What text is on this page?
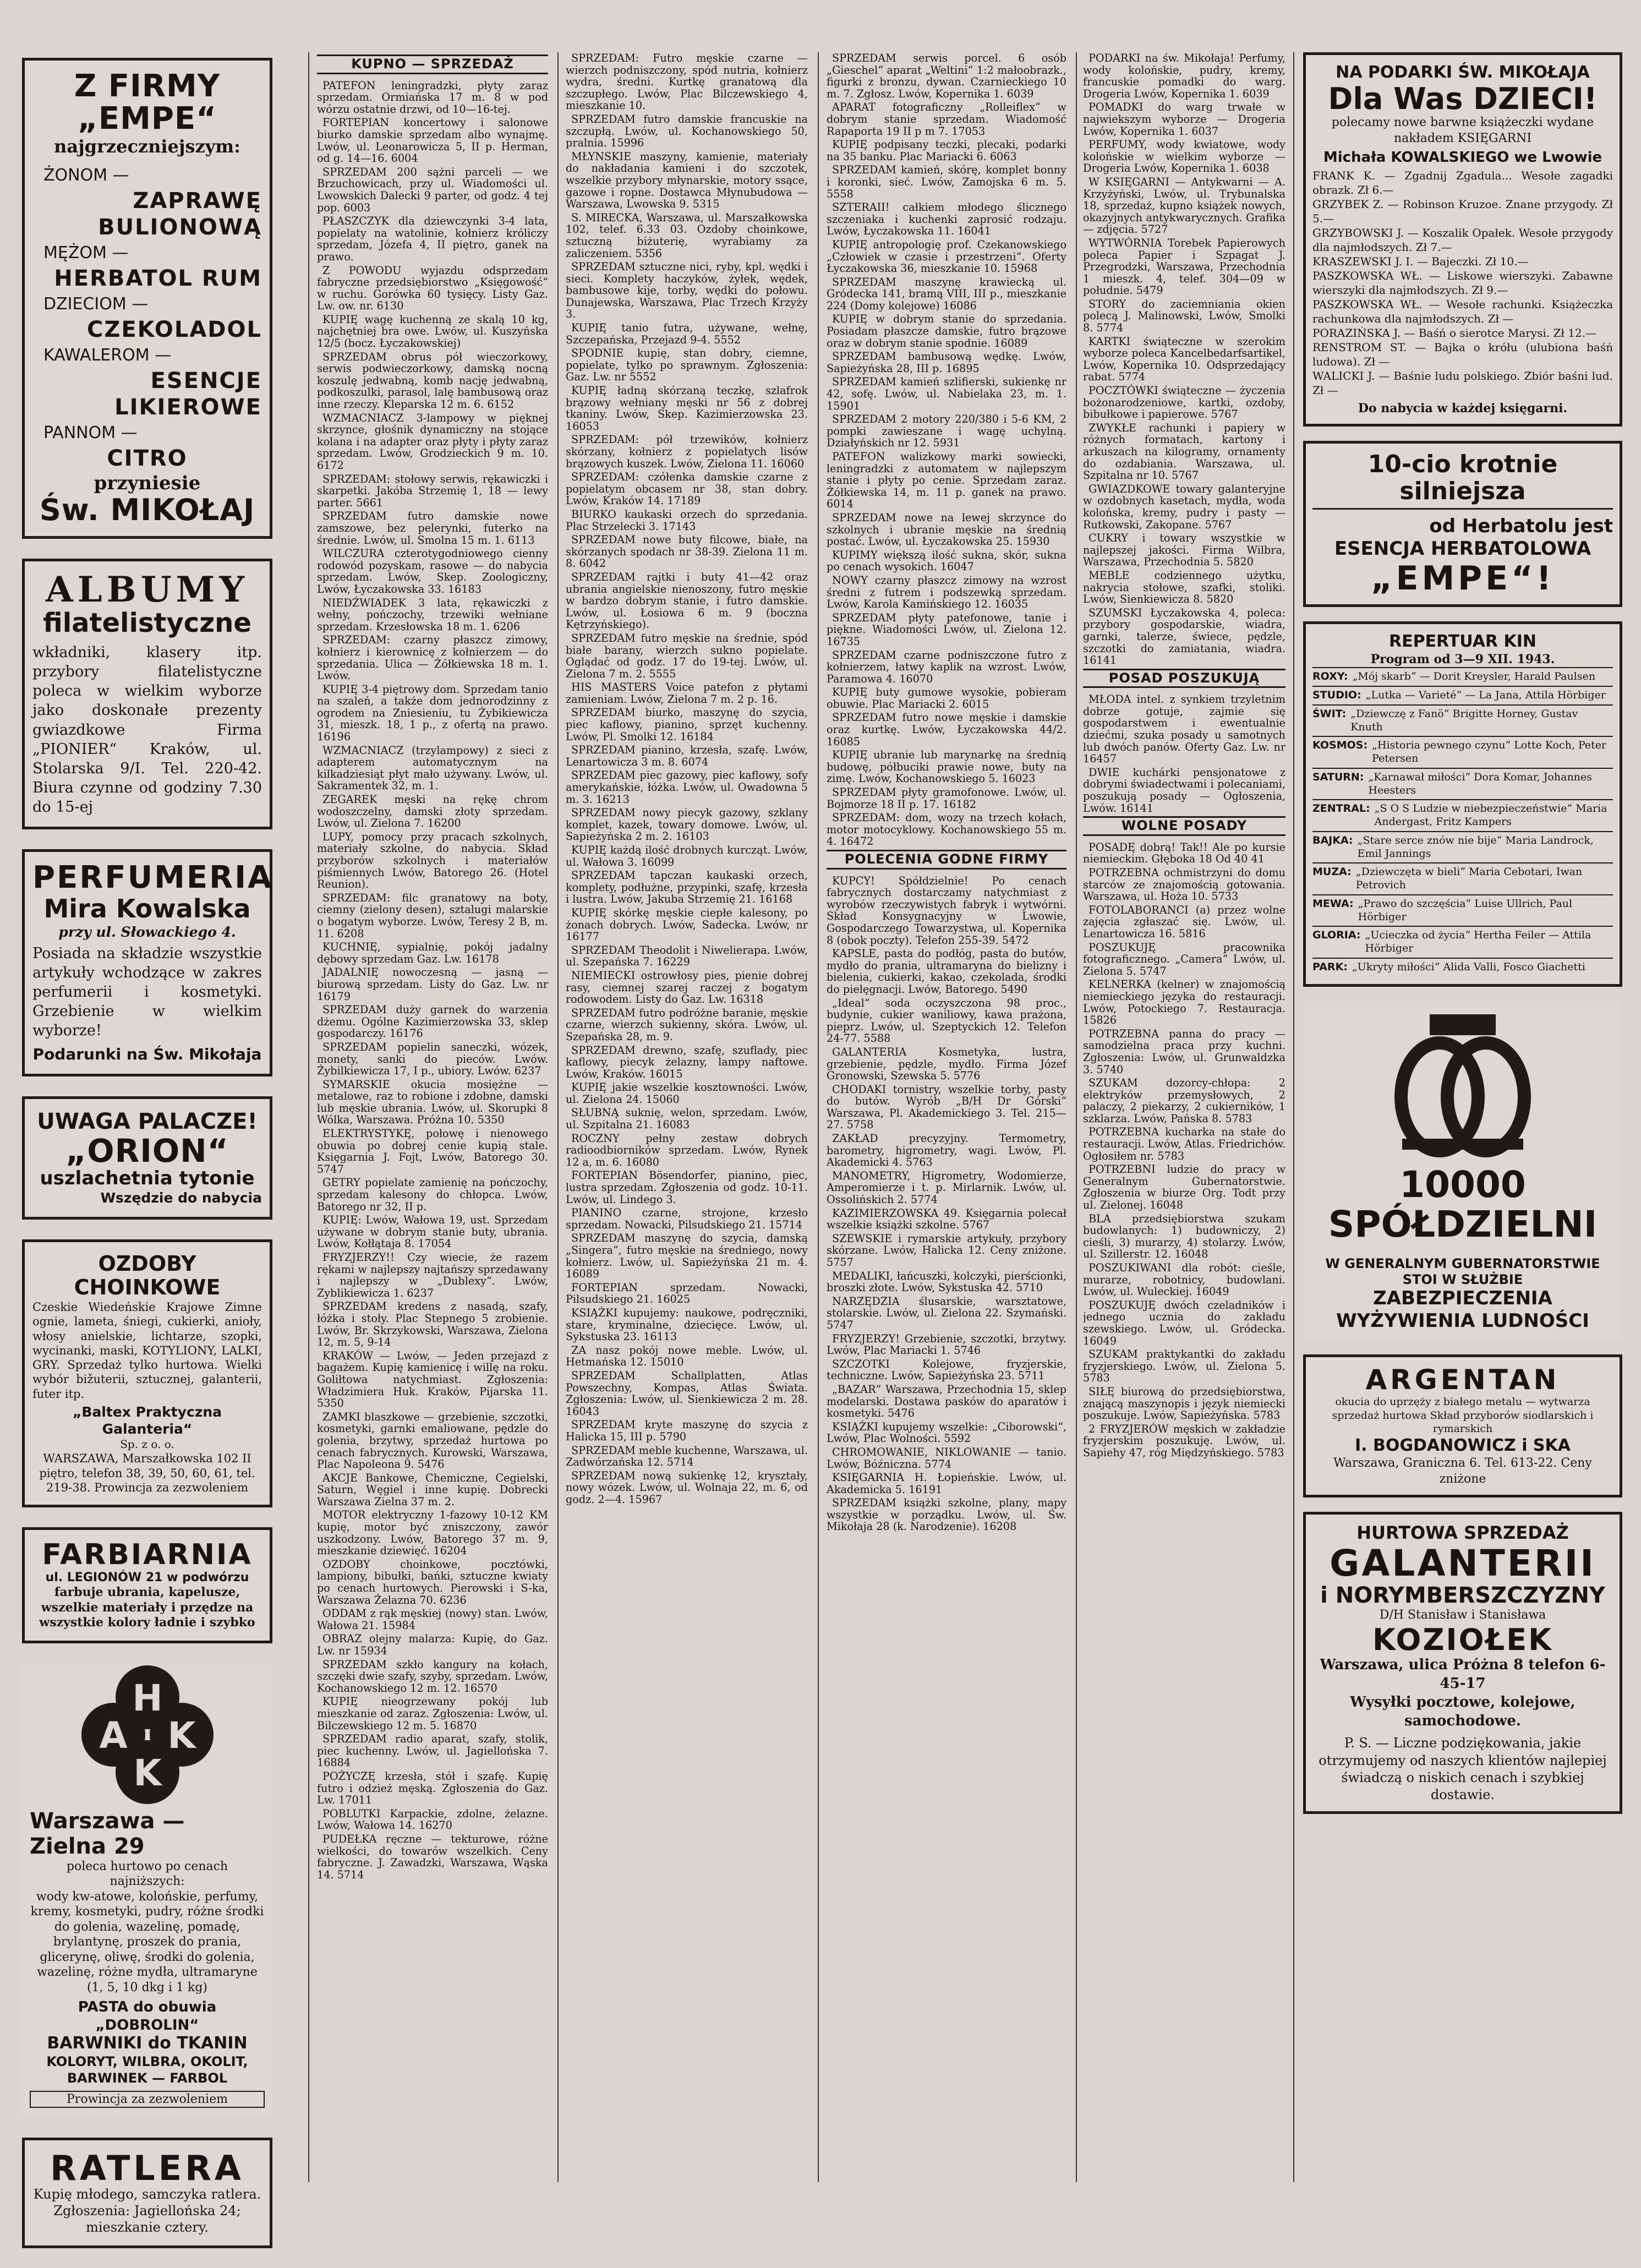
Z FIRMY „EMPE“
najgrzeczniejszym:
ŻONOM —
ZAPRAWĘ BULIONOWĄ
MĘŻOM —
HERBATOL RUM
DZIECIOM —
CZEKOLADOL
KAWALEROM —
ESENCJE LIKIEROWE
PANNOM —
CITRO
przyniesie
Św. MIKOŁAJ
ALBUMY
filatelistyczne
wkładniki, klasery itp. przybory filatelistyczne poleca w wielkim wyborze jako doskonałe prezenty gwiazdkowe Firma „PIONIER“ Kraków, ul. Stolarska 9/I. Tel. 220-42. Biura czynne od godziny 7.30 do 15-ej
PERFUMERIA
Mira Kowalska
przy ul. Słowackiego 4.
Posiada na składzie wszystkie artykuły wchodzące w zakres perfumerii i kosmetyki. Grzebienie w wielkim wyborze!
Podarunki na Św. Mikołaja
UWAGA PALACZE!
„ORION“
uszlachetnia tytonie
Wszędzie do nabycia
OZDOBY CHOINKOWE
Czeskie Wiedeńskie Krajowe Zimne ognie, lameta, śniegi, cukierki, anioły, włosy anielskie, lichtarze, szopki, wycinanki, maski, KOTYLIONY, LALKI, GRY. Sprzedaż tylko hurtowa. Wielki wybór bižuterii, sztucznej, galanterii, futer itp.
„Baltex Praktyczna Galanteria“
Sp. z o. o.
WARSZAWA, Marszałkowska 102 II piętro, telefon 38, 39, 50, 60, 61, tel. 219-38. Prowincja za zezwoleniem
FARBIARNIA
ul. LEGIONÓW 21 w podwórzu
farbuje ubrania, kapelusze, wszelkie materiały i przędze na wszystkie kolory ładnie i szybko
H
A K
K
Warszawa — Zielna 29
poleca hurtowo po cenach najniższych:
wody kw-atowe, kolońskie, perfumy, kremy, kosmetyki, pudry, różne środki do golenia, wazelinę, pomadę, brylantynę, proszek do prania, glicerynę, oliwę, środki do golenia, wazelinę, różne mydła, ultramaryne (1, 5, 10 dkg i 1 kg)
PASTA do obuwia „DOBROLIN“
BARWNIKI do TKANIN
KOLORYT, WILBRA, OKOLIT, BARWINEK — FARBOL
Prowincja za zezwoleniem
RATLERA
Kupię młodego, samczyka ratlera. Zgłoszenia: Jagiellońska 24; mieszkanie cztery.
KUPNO — SPRZEDAŻ

PATEFON leningradzki, płyty zaraz sprzedam. Ormiańska 17 m. 8 w pod wórzu ostatnie drzwi, od 10—16-tej.

FORTEPIAN koncertowy i salonowe biurko damskie sprzedam albo wynajmę. Lwów, ul. Leonarowicza 5, II p. Herman, od g. 14—16. 6004

SPRZEDAM 200 sążni parceli — we Brzuchowicach, przy ul. Wiadomości ul. Lwowskich Dalecki 9 parter, od godz. 4 tej pop. 6003

PŁASZCZYK dla dziewczynki 3-4 lata, popielaty na watolinie, kołnierz króliczy sprzedam, Józefa 4, II piętro, ganek na prawo.

Z POWODU wyjazdu odsprzedam fabryczne przedsiębiorstwo „Księgowość“ w ruchu. Gorówka 60 tysięcy. Listy Gaz. Lw. ow. nr. 6130

KUPIĘ wagę kuchenną ze skalą 10 kg, najchętniej bra owe. Lwów, ul. Kuszyńska 12/5 (bocz. Łyczakowskiej)

SPRZEDAM obrus pół wieczorkowy, serwis podwieczorkowy, damską nocną koszulę jedwabną, komb nację jedwabną, podkoszulki, parasol, lalę bambusową oraz inne rzeczy. Kleparska 12 m. 6. 6152

WZMACNIACZ 3-lampowy w pięknej skrzynce, głośnik dynamiczny na stojące kolana i na adapter oraz płyty i płyty zaraz sprzedam. Lwów, Grodzieckich 9 m. 10. 6172

SPRZEDAM: stołowy serwis, rękawiczki i skarpetki. Jakóba Strzemię 1, 18 — lewy parter. 5661

SPRZEDAM futro damskie nowe zamszowe, bez pelerynki, futerko na średnie. Lwów, ul. Smolna 15 m. 1. 6113

WILCZURA czterotygodniowego cienny rodowód pozyskam, rasowe — do nabycia sprzedam. Lwów, Skep. Zoologiczny, Lwów, Łyczakowska 33. 16183

NIEDŹWIADEK 3 lata, rękawiczki z wełny, pończochy, trzewiki wełniane sprzedam. Krzesłowska 18 m. 1. 6206

SPRZEDAM: czarny płaszcz zimowy, kołnierz i kierownicę z kołnierzem — do sprzedania. Ulica — Żółkiewska 18 m. 1. Lwów.

KUPIĘ 3-4 piętrowy dom. Sprzedam tanio na szaleń, a także dom jednorodzinny z ogrodem na Zniesieniu, tu Żybikiewicza 31, mieszk. 18, 1 p., z ofertą na prawo. 16196

WZMACNIACZ (trzylampowy) z sieci z adapterem automatycznym na kilkadziesiąt płyt mało używany. Lwów, ul. Sakramentek 32, m. 1.

ZEGAREK męski na rękę chrom wodoszczelny, damski złoty sprzedam. Lwów, ul. Zielona 7. 16200

LUPY, pomocy przy pracach szkolnych, materiały szkolne, do nabycia. Skład przyborów szkolnych i materiałów piśmiennych Lwów, Batorego 26. (Hotel Reunion).

SPRZEDAM: filc granatowy na boty, ciemny (zielony desen), sztalugi malarskie o bogatym wyborze. Lwów, Teresy 2 B, m. 11. 6208

KUCHNIĘ, sypialnię, pokój jadalny dębowy sprzedam Gaz. Lw. 16178

JADALNIĘ nowoczesną — jasną — biurową sprzedam. Listy do Gaz. Lw. nr 16179

SPRZEDAM duży garnek do warzenia dżemu. Ogólne Kazimierzowska 33, sklep gospodarczy. 16176

SPRZEDAM popielin saneczki, wózek, monety, sanki do pieców. Lwów. Żybilkiewicza 17, I p., ubiory. Lwów. 6237

SYMARSKIE okucia mosiężne — metalowe, raz to robione i zdobne, damski lub męskie ubrania. Lwów, ul. Skorupki 8 Wólka, Warszawa. Próżna 10. 5350

ELEKTRYSTYKĘ, połowę i nienowego obuwia po dobrej cenie kupią stale. Księgarnia J. Fojt, Lwów, Batorego 30. 5747

GETRY popielate zamienię na pończochy, sprzedam kalesony do chłopca. Lwów, Batorego nr 32, II p.

KUPIĘ: Lwów, Wałowa 19, ust. Sprzedam używane w dobrym stanie buty, ubrania. Lwów, Kołłątaja 8. 17054

FRYZJERZY!! Czy wiecie, że razem rękami w najlepszy najtańszy sprzedawany i najlepszy w „Dublexy“. Lwów, Zyblikiewicza 1. 6237

SPRZEDAM kredens z nasadą, szafy, łóżka i stoły. Plac Stepnego 5 zrobienie. Lwów, Br. Skrzykowski, Warszawa, Zielona 12, m. 5, 9-14

KRAKÓW — Lwów, — Jeden przejazd z bagażem. Kupię kamienicę i willę na roku. Goliłtowa natychmiast. Zgłoszenia: Władzimiera Huk. Kraków, Pijarska 11. 5350

ZAMKI blaszkowe — grzebienie, szczotki, kosmetyki, garnki emaliowane, pędzle do golenia, brzytwy, sprzedaż hurtowa po cenach fabrycznych. Kurowski, Warszawa, Plac Napoleona 9. 5476

AKCJE Bankowe, Chemiczne, Cegielski, Saturn, Węgiel i inne kupię. Dobrecki Warszawa Zielna 37 m. 2.

MOTOR elektryczny 1-fazowy 10-12 KM kupię, motor być zniszczony, zawór uszkodzony. Lwów, Batorego 37 m. 9, mieszkanie dziewięć. 16204

OZDOBY choinkowe, pocztówki, lampiony, bibułki, bańki, sztuczne kwiaty po cenach hurtowych. Pierowski i S-ka, Warszawa Żelazna 70. 6236

ODDAM z rąk męskiej (nowy) stan. Lwów, Wałowa 21. 15984

OBRAZ olejny malarza: Kupię, do Gaz. Lw. nr 15934

SPRZEDAM szkło kangury na kołach, szczęki dwie szafy, szyby, sprzedam. Lwów, Kochanowskiego 12 m. 12. 16570

KUPIĘ nieogrzewany pokój lub mieszkanie od zaraz. Zgłoszenia: Lwów, ul. Bilczewskiego 12 m. 5. 16870

SPRZEDAM radio aparat, szafy, stolik, piec kuchenny. Lwów, ul. Jagiellońska 7. 16884

POŻYCZĘ krzesła, stół i szafę. Kupię futro i odzież męską. Zgłoszenia do Gaz. Lw. 17011

POBLUTKI Karpackie, zdolne, żelazne. Lwów, Wałowa 14. 16270

PUDEŁKA ręczne — tekturowe, różne wielkości, do towarów wszelkich. Ceny fabryczne. J. Zawadzki, Warszawa, Wąska 14. 5714

SPRZEDAM: Futro męskie czarne — wierzch podniszczony, spód nutria, kołnierz wydra, średni. Kurtkę granatową dla szczupłego. Lwów, Plac Bilczewskiego 4, mieszkanie 10.

SPRZEDAM futro damskie francuskie na szczupłą. Lwów, ul. Kochanowskiego 50, pralnia. 15996

MŁYNSKIE maszyny, kamienie, materiały do nakładania kamieni i do szczotek, wszelkie przybory młynarskie, motory ssące, gazowe i ropne. Dostawca Młynubudowa — Warszawa, Lwowska 9. 5315

S. MIRECKA, Warszawa, ul. Marszałkowska 102, telef. 6.33 03. Ozdoby choinkowe, sztuczną biżuterię, wyrabiamy za zaliczeniem. 5356

SPRZEDAM sztuczne nici, ryby, kpl. wędki i sieci. Komplety haczyków, żyłek, wędek, bambusowe kije, torby, wędki do połowu. Dunajewska, Warszawa, Plac Trzech Krzyży 3.

KUPIĘ tanio futra, używane, wełnę, Szczepańska, Przejazd 9-4. 5552

SPODNIE kupię, stan dobry, ciemne, popielate, tylko po sprawnym. Zgłoszenia: Gaz. Lw. nr 5552

KUPIĘ ładną skórzaną teczkę, szlafrok brązowy wełniany męski nr 56 z dobrej tkaniny. Lwów, Skep. Kazimierzowska 23. 16053

SPRZEDAM: pół trzewików, kołnierz skórzany, kołnierz z popielatych lisów brązowych kuszek. Lwów, Zielona 11. 16060

SPRZEDAM: czółenka damskie czarne z popielatym obcasem nr 38, stan dobry. Lwów, Kraków 14. 17189

BIURKO kaukaski orzech do sprzedania. Plac Strzelecki 3. 17143

SPRZEDAM nowe buty filcowe, białe, na skórzanych spodach nr 38-39. Zielona 11 m. 8. 6042

SPRZEDAM rajtki i buty 41—42 oraz ubrania angielskie nienoszony, futro męskie w bardzo dobrym stanie, i futro damskie. Lwów, ul. Łosiowa 6 m. 9 (boczna Kętrzyńskiego).

SPRZEDAM futro męskie na średnie, spód białe barany, wierzch sukno popielate. Oglądać od godz. 17 do 19-tej. Lwów, ul. Zielona 7 m. 2. 5555

HIS MASTERS Voice patefon z płytami zamieniam. Lwów, Zielona 7 m. 2 p. 16.

SPRZEDAM biurko, maszynę do szycia, piec kaflowy, pianino, sprzęt kuchenny. Lwów, Pl. Smolki 12. 16184

SPRZEDAM pianino, krzesła, szafę. Lwów, Lenartowicza 3 m. 8. 6074

SPRZEDAM piec gazowy, piec kaflowy, sofy amerykańskie, łóżka. Lwów, ul. Owadowna 5 m. 3. 16213

SPRZEDAM nowy piecyk gazowy, szklany komplet, kazek, towary domowe. Lwów, ul. Sapieżyńska 2 m. 2. 16103

KUPIĘ każdą ilość drobnych kurcząt. Lwów, ul. Wałowa 3. 16099

SPRZEDAM tapczan kaukaski orzech, komplety, podłużne, przypinki, szafę, krzesła i lustra. Lwów, Jakuba Strzemię 21. 16168

KUPIĘ skórkę męskie ciepłe kalesony, po żonach dobrych. Lwów, Sadecka. Lwów, nr 16177

SPRZEDAM Theodolit i Niwelierapa. Lwów, ul. Szepańska 7. 16229

NIEMIECKI ostrowłosy pies, pienie dobrej rasy, ciemnej szarej raczej z bogatym rodowodem. Listy do Gaz. Lw. 16318

SPRZEDAM futro podróżne baranie, męskie czarne, wierzch sukienny, skóra. Lwów, ul. Szepańska 28, m. 9.

SPRZEDAM drewno, szafę, szuflady, piec kaflowy, piecyk żelazny, lampy naftowe. Lwów, Kraków. 16015

KUPIĘ jakie wszelkie kosztowności. Lwów, ul. Zielona 24. 15060

SŁUBNĄ suknię, welon, sprzedam. Lwów, ul. Szpitalna 21. 16083

ROCZNY pełny zestaw dobrych radioodbiorników sprzedam. Lwów, Rynek 12 a, m. 6. 16080

FORTEPIAN Bösendorfer, pianino, piec, lustra sprzedam. Zgłoszenia od godz. 10-11. Lwów, ul. Lindego 3.

PIANINO czarne, strojone, krzesło sprzedam. Nowacki, Pilsudskiego 21. 15714

SPRZEDAM maszynę do szycia, damską „Singera“, futro męskie na średniego, nowy kołnierz. Lwów, ul. Sapieżyńska 21 m. 4. 16089

FORTEPIAN sprzedam. Nowacki, Pilsudskiego 21. 16025

KSIĄŻKI kupujemy: naukowe, podręczniki, stare, kryminalne, dziecięce. Lwów, ul. Sykstuska 23. 16113

ZA nasz pokój nowe meble. Lwów, ul. Hetmańska 12. 15010

SPRZEDAM Schallplatten, Atlas Powszechny, Kompas, Atlas Świata. Zgłoszenia: Lwów, ul. Sienkiewicza 2 m. 28. 16043

SPRZEDAM kryte maszynę do szycia z Halicka 15, III p. 5790

SPRZEDAM meble kuchenne, Warszawa, ul. Zadwórzańska 12. 5714

SPRZEDAM nową sukienkę 12, kryształy, nowy wózek. Lwów, ul. Wolnaja 22, m. 6, od godz. 2—4. 15967

SPRZEDAM serwis porcel. 6 osób „Gieschel“ aparat „Weltini“ 1:2 małoobrazk., figurki z bronzu, dywan. Czarnieckiego 10 m. 7. Zgłosz. Lwów, Kopernika 1. 6039

APARAT fotograficzny „Rolleiflex“ w dobrym stanie sprzedam. Wiadomość Rapaporta 19 II p m 7. 17053

KUPIĘ podpisany teczki, plecaki, podarki na 35 banku. Plac Mariacki 6. 6063

SPRZEDAM kamień, skórę, komplet bonny i koronki, sieć. Lwów, Zamojska 6 m. 5. 5558

SZTERAII! całkiem młodego ślicznego szczeniaka i kuchenki zaprosić rodzaju. Lwów, Łyczakowska 11. 16041

KUPIĘ antropologię prof. Czekanowskiego „Człowiek w czasie i przestrzeni“. Oferty Łyczakowska 36, mieszkanie 10. 15968

SPRZEDAM maszynę krawiecką ul. Gródecka 141, bramą VIII, III p., mieszkanie 224 (Domy kolejowe) 16086

KUPIĘ w dobrym stanie do sprzedania. Posiadam płaszcze damskie, futro brązowe oraz w dobrym stanie spodnie. 16089

SPRZEDAM bambusową wędkę. Lwów, Sapieżyńska 28, III p. 16895

SPRZEDAM kamień szlifierski, sukienkę nr 42, sofę. Lwów, ul. Nabielaka 23, m. 1. 15901

SPRZEDAM 2 motory 220/380 i 5-6 KM, 2 pompki zawieszane i wagę uchylną. Działyńskich nr 12. 5931

PATEFON walizkowy marki sowiecki, leningradzki z automatem w najlepszym stanie i płyty po cenie. Sprzedam zaraz. Żółkiewska 14, m. 11 p. ganek na prawo. 6014

SPRZEDAM nowe na lewej skrzynce do szkolnych i ubranie męskie na średnią postać. Lwów, ul. Łyczakowska 25. 15930

KUPIMY większą ilość sukna, skór, sukna po cenach wysokich. 16047

NOWY czarny płaszcz zimowy na wzrost średni z futrem i podszewką sprzedam. Lwów, Karola Kamińskiego 12. 16035

SPRZEDAM płyty patefonowe, tanie i piękne. Wiadomości Lwów, ul. Zielona 12. 16735

SPRZEDAM czarne podniszczone futro z kołnierzem, łatwy kaplik na wzrost. Lwów, Paramowa 4. 16070

KUPIĘ buty gumowe wysokie, pobieram obuwie. Plac Mariacki 2. 6015

SPRZEDAM futro nowe męskie i damskie oraz kurtkę. Lwów, Łyczakowska 44/2. 16085

KUPIĘ ubranie lub marynarkę na średnią budowę, półbuciki prawie nowe, buty na zimę. Lwów, Kochanowskiego 5. 16023

SPRZEDAM płyty gramofonowe. Lwów, ul. Bojmorze 18 II p. 17. 16182

SPRZEDAM: dom, wozy na trzech kołach, motor motocyklowy. Kochanowskiego 55 m. 4. 16472

POLECENIA GODNE FIRMY

KUPCY! Spółdzielnie! Po cenach fabrycznych dostarczamy natychmiast z wyrobów rzeczywistych fabryk i wytwórni. Skład Konsygnacyjny w Lwowie, Gospodarczego Towarzystwa, ul. Kopernika 8 (obok poczty). Telefon 255-39. 5472

KAPSLE, pasta do podłóg, pasta do butów, mydło do prania, ultramaryna do bielizny i bielenia, cukierki, kakao, czekolada, środki do pielęgnacji. Lwów, Batorego. 5490

„Ideal“ soda oczyszczona 98 proc., budynie, cukier waniliowy, kawa prażona, pieprz. Lwów, ul. Szeptyckich 12. Telefon 24-77. 5588

GALANTERIA Kosmetyka, lustra, grzebienie, pędzle, mydło. Firma Józef Gronowski, Szewska 5. 5776

CHODAKI tornistry, wszelkie torby, pasty do butów. Wyrób „B/H Dr Górski“ Warszawa, Pl. Akademickiego 3. Tel. 215—27. 5758

ZAKŁAD precyzyjny. Termometry, barometry, higrometry, wagi. Lwów, Pl. Akademicki 4. 5763

MANOMETRY, Higrometry, Wodomierze, Amperomierze i t. p. Mirlarnik. Lwów, ul. Ossolińskich 2. 5774

KAZIMIERZOWSKA 49. Księgarnia polecał wszelkie książki szkolne. 5767

SZEWSKIE i rymarskie artykuły, przybory skórzane. Lwów, Halicka 12. Ceny zniżone. 5757

MEDALIKI, łańcuszki, kolczyki, pierścionki, broszki złote. Lwów, Sykstuska 42. 5710

NARZĘDZIA ślusarskie, warsztatowe, stolarskie. Lwów, ul. Zielona 22. Szymański. 5747

FRYZJERZY! Grzebienie, szczotki, brzytwy. Lwów, Plac Mariacki 1. 5746

SZCZOTKI Kolejowe, fryzjerskie, techniczne. Lwów, Sapieżyńska 23. 5711

„BAZAR“ Warszawa, Przechodnia 15, sklep modelarski. Dostawa pasków do aparatów i kosmetyki. 5476

KSIĄŻKI kupujemy wszelkie: „Ciborowski“, Lwów, Plac Wolności. 5592

CHROMOWANIE, NIKLOWANIE — tanio. Lwów, Bóźniczna. 5774

KSIĘGARNIA H. Łopieńskie. Lwów, ul. Akademicka 5. 16191

SPRZEDAM książki szkolne, plany, mapy wszystkie w porządku. Lwów, ul. Św. Mikołaja 28 (k. Narodzenie). 16208

PODARKI na św. Mikołaja! Perfumy, wody kolońskie, pudry, kremy, francuskie pomadki do warg. Drogeria Lwów, Kopernika 1. 6039

POMADKI do warg trwałe w najwiekszym wyborze — Drogeria Lwów, Kopernika 1. 6037

PERFUMY, wody kwiatowe, wody kolońskie w wielkim wyborze — Drogeria Lwów, Kopernika 1. 6038

W KSIĘGARNI — Antykwarni — A. Krzyżyński, Lwów, ul. Trybunalska 18, sprzedaż, kupno książek nowych, okazyjnych antykwarycznych. Grafika — zdjęcia. 5727

WYTWÓRNIA Torebek Papierowych poleca Papier i Szpagat J. Przegrodzki, Warszawa, Przechodnia 1 mieszk. 4, telef. 304—09 w południe. 5479

STORY do zaciemniania okien polecą J. Malinowski, Lwów, Smolki 8. 5774

KARTKI świąteczne w szerokim wyborze poleca Kancelbedarfsartikel, Lwów, Kopernika 10. Odsprzedający rabat. 5774

POCZTÓWKI świąteczne — życzenia bożonarodzeniowe, kartki, ozdoby, bibułkowe i papierowe. 5767

ZWYKŁE rachunki i papiery w różnych formatach, kartony i arkuszach na kilogramy, ornamenty do ozdabiania. Warszawa, ul. Szpitalna nr 10. 5767

GWIAZDKOWE towary galanteryjne w ozdobnych kasetach, mydła, woda kolońska, kremy, pudry i pasty — Rutkowski, Zakopane. 5767

CUKRY i towary wszystkie w najlepszej jakości. Firma Wilbra, Warszawa, Przechodnia 5. 5820

MEBLE codziennego użytku, nakrycia stołowe, szafki, stoliki. Lwów, Sienkiewicza 8. 5820

SZUMSKI Łyczakowska 4, poleca: przybory gospodarskie, wiadra, garnki, talerze, świece, pędzle, szczotki do zamiatania, wiadra. 16141

POSAD POSZUKUJĄ

MŁODA intel. z synkiem trzyletnim dobrze gotuje, zajmie się gospodarstwem i ewentualnie dziećmi, szuka posady u samotnych lub dwóch panów. Oferty Gaz. Lw. nr 16457

DWIE kuchárki pensjonatowe z dobrymi świadectwami i polecaniami, poszukują posady — Ogłoszenia, Lwów. 16141

WOLNE POSADY

POSADĘ dobrą! Tak!! Ale po kursie niemieckim. Głęboka 18 Od 40 41

POTRZEBNA ochmistrzyni do domu starców ze znajomością gotowania. Warszawa, ul. Hoża 10. 5733

FOTOLABORANCI (a) przez wolne zajęcia zgłaszać się. Lwów, ul. Lenartowicza 16. 5816

POSZUKUJĘ pracownika fotograficznego. „Camera“ Lwów, ul. Zielona 5. 5747

KELNERKA (kelner) w znajomością niemieckiego języka do restauracji. Lwów, Potockiego 7. Restauracja. 15826

POTRZEBNA panna do pracy — samodzielna praca przy kuchni. Zgłoszenia: Lwów, ul. Grunwaldzka 3. 5740

SZUKAM dozorcy-chłopa: 2 elektryków przemysłowych, 2 palaczy, 2 piekarzy, 2 cukierników, 1 szklarza. Lwów, Pańska 8. 5783

POTRZEBNA kucharka na stałe do restauracji. Lwów, Atlas. Friedrichów. Ogłosiłem nr. 5783

POTRZEBNI ludzie do pracy w Generalnym Gubernatorstwie. Zgłoszenia w biurze Org. Todt przy ul. Zielonej. 16048

BLA przedsiębiorstwa szukam budowlanych: 1) budowniczy, 2) cieśli, 3) murarzy, 4) stolarzy. Lwów, ul. Szillerstr. 12. 16048

POSZUKIWANI dla robót: cieśle, murarze, robotnicy, budowlani. Lwów, ul. Wuleckiej. 16049

POSZUKUJĘ dwóch czeladników i jednego ucznia do zakładu szewskiego. Lwów, ul. Gródecka. 16049

SZUKAM praktykantki do zakładu fryzjerskiego. Lwów, ul. Zielona 5. 5783

SIŁĘ biurową do przedsiębiorstwa, znającą maszynopis i język niemiecki poszukuje. Lwów, Sapieżyńska. 5783

2 FRYZJERÓW męskich w zakładzie fryzjerskim poszukuję. Lwów, ul. Sapiehy 47, róg Międzyńskiego. 5783

NA PODARKI ŚW. MIKOŁAJA
Dla Was DZIECI!
polecamy nowe barwne książeczki wydane nakładem KSIĘGARNI
Michała KOWALSKIEGO we Lwowie
FRANK K. — Zgadnij Zgadula... Wesołe zagadki obrazk. Zł 6.—
GRZYBEK Z. — Robinson Kruzoe. Znane przygody. Zł 5.—
GRZYBOWSKI J. — Koszalik Opałek. Wesołe przygody dla najmłodszych. Zł 7.—
KRASZEWSKI J. I. — Bajeczki. Zł 10.—
PASZKOWSKA WŁ. — Liskowe wierszyki. Zabawne wierszyki dla najmłodszych. Zł 9.—
PASZKOWSKA WŁ. — Wesołe rachunki. Książeczka rachunkowa dla najmłodszych. Zł —
PORAZIŃSKA J. — Baśń o sierotce Marysi. Zł 12.—
RENSTROM ST. — Bajka o krółu (ulubiona baśń ludowa). Zł —
WALICKI J. — Baśnie ludu polskiego. Zbiór baśni lud. Zł —
Do nabycia w każdej księgarni.
10-cio krotnie silniejsza
od Herbatolu jest
ESENCJA HERBATOLOWA
„EMPE“!
REPERTUAR KIN
Program od 3—9 XII. 1943.
ROXY: „Mój skarb“ — Dorit Kreysler, Harald Paulsen
STUDIO: „Lutka — Varieté“ — La Jana, Attila Hörbiger
ŚWIT: „Dziewczę z Fanö“ Brigitte Horney, Gustav Knuth
KOSMOS: „Historia pewnego czynu“ Lotte Koch, Peter Petersen
SATURN: „Karnawał miłości“ Dora Komar, Johannes Heesters
ZENTRAL: „S O S Ludzie w niebezpieczeństwie“ Maria Andergast, Fritz Kampers
BAJKA: „Stare serce znów nie bije“ Maria Landrock, Emil Jannings
MUZA: „Dziewczęta w bieli“ Maria Cebotari, Iwan Petrovich
MEWA: „Prawo do szczęścia“ Luise Ullrich, Paul Hörbiger
GLORIA: „Ucieczka od życia“ Hertha Feiler — Attila Hörbiger
PARK: „Ukryty miłości“ Alida Valli, Fosco Giachetti
10000
SPÓŁDZIELNI
W GENERALNYM GUBERNATORSTWIE STOI W SŁUŻBIE
ZABEZPIECZENIA WYŻYWIENIA LUDNOŚCI
ARGENTAN
okucia do uprzęży z białego metalu — wytwarza sprzedaż hurtowa Skład przyborów siodlarskich i rymarskich
I. BOGDANOWICZ i SKA
Warszawa, Granicznа 6. Tel. 613-22. Ceny zniżone
HURTOWA SPRZEDAŻ
GALANTERII
i NORYMBERSZCZYZNY
D/H Stanisław i Stanisława
KOZIOŁEK
Warszawa, ulica Próżna 8 telefon 6-45-17
Wysyłki pocztowe, kolejowe, samochodowe.
P. S. — Liczne podziękowania, jakie otrzymujemy od naszych klientów najlepiej świadczą o niskich cenach i szybkiej dostawie.
